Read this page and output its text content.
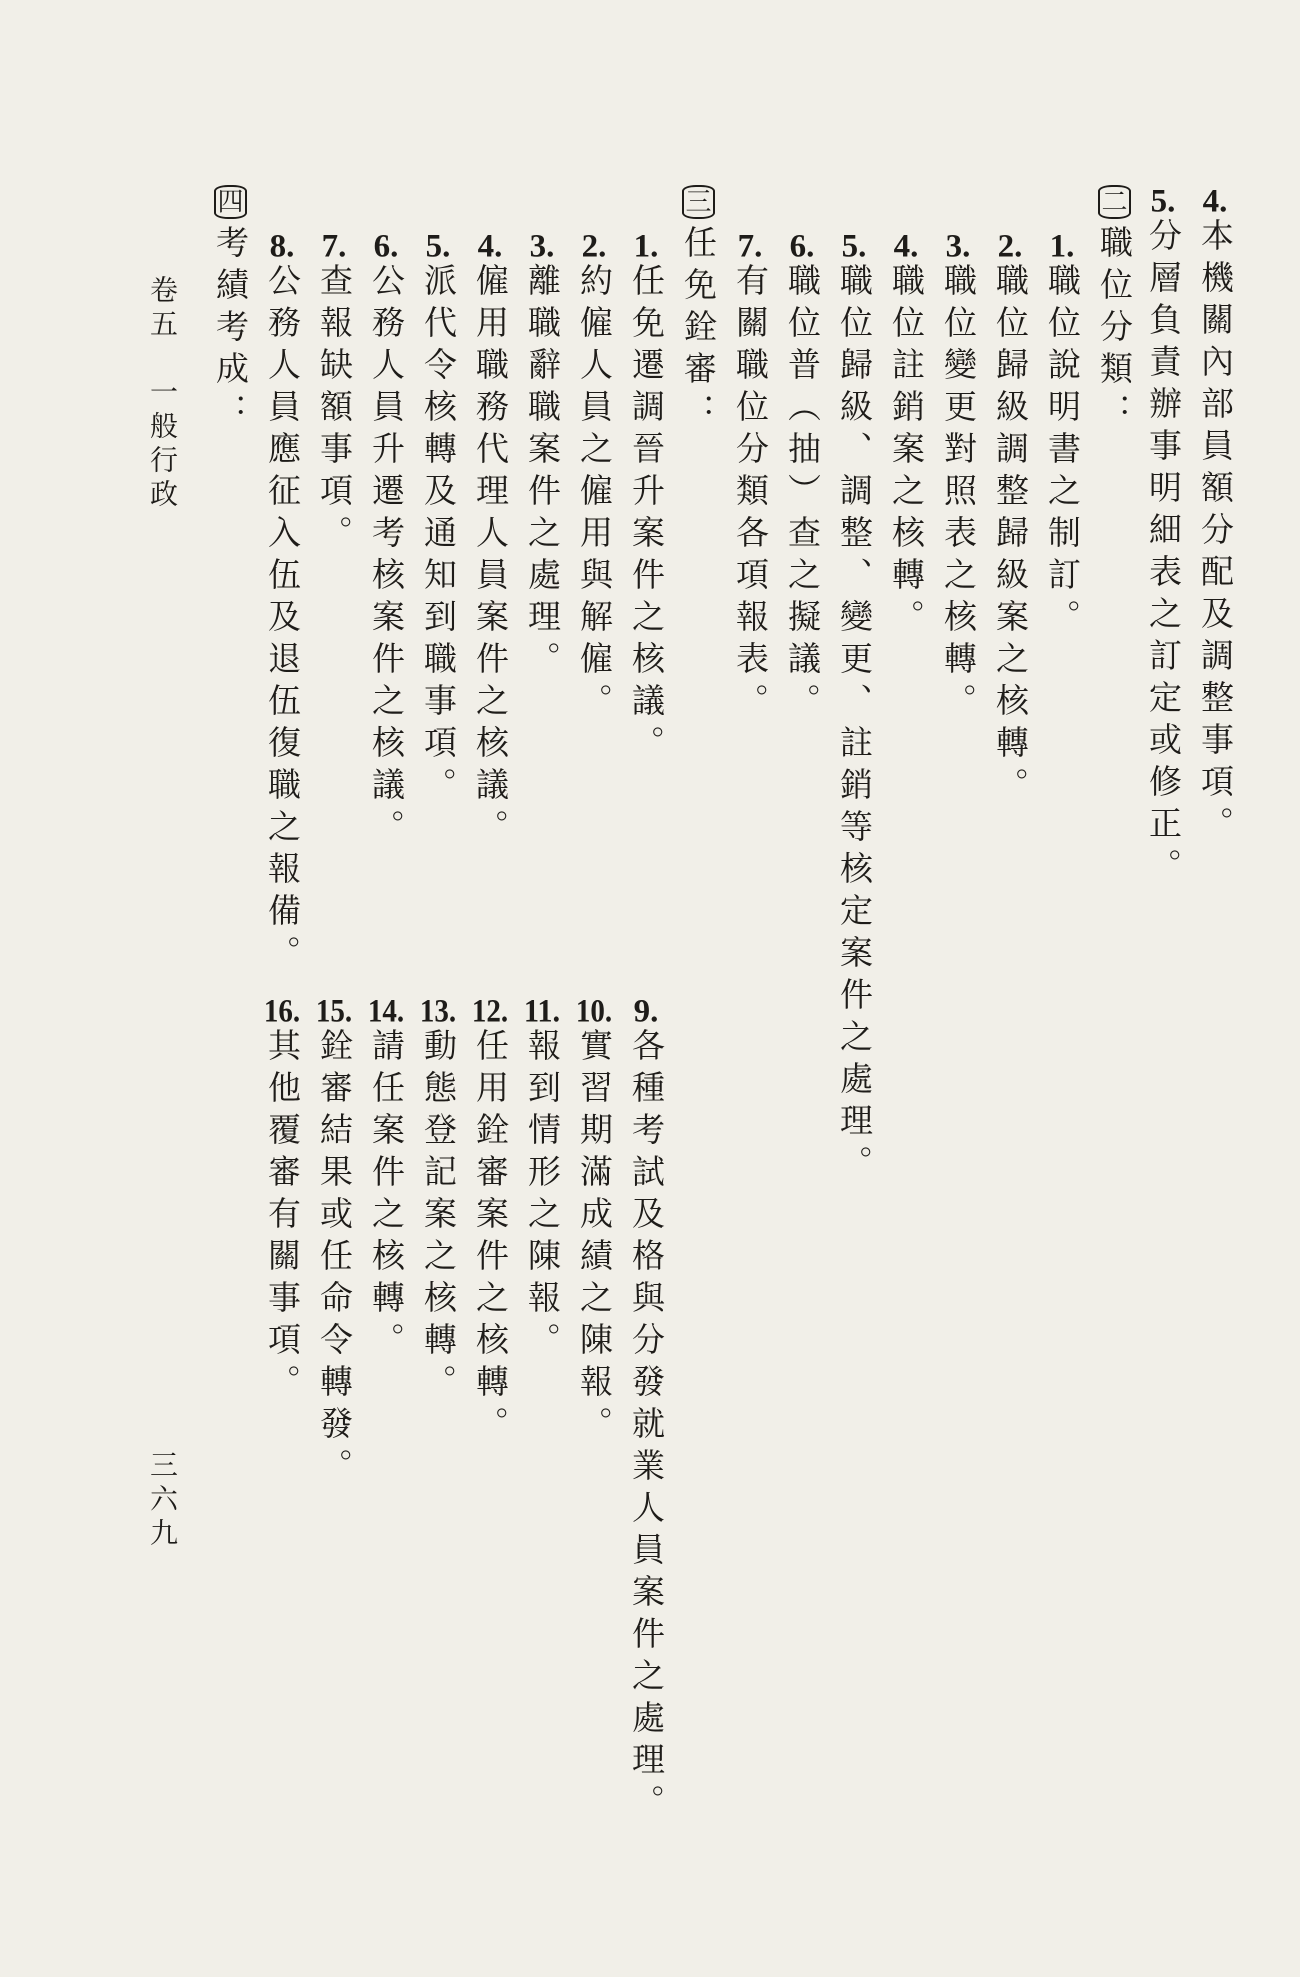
4.本機關內部員額分配及調整事項。
5.分層負責辦事明細表之訂定或修正。
二職位分類：
1.職位說明書之制訂。
2.職位歸級調整歸級案之核轉。
3.職位變更對照表之核轉。
4.職位註銷案之核轉。
5.職位歸級、調整、變更、註銷等核定案件之處理。
6.職位普（抽）查之擬議。
7.有關職位分類各項報表。
三任免銓審：
1.任免遷調晉升案件之核議。
2.約僱人員之僱用與解僱。
3.離職辭職案件之處理。
4.僱用職務代理人員案件之核議。
5.派代令核轉及通知到職事項。
6.公務人員升遷考核案件之核議。
7.查報缺額事項。
8.公務人員應征入伍及退伍復職之報備。
四考績考成：
9.各種考試及格與分發就業人員案件之處理。
10.實習期滿成績之陳報。
11.報到情形之陳報。
12.任用銓審案件之核轉。
13.動態登記案之核轉。
14.請任案件之核轉。
15.銓審結果或任命令轉發。
16.其他覆審有關事項。
卷五　一般行政
三六九
